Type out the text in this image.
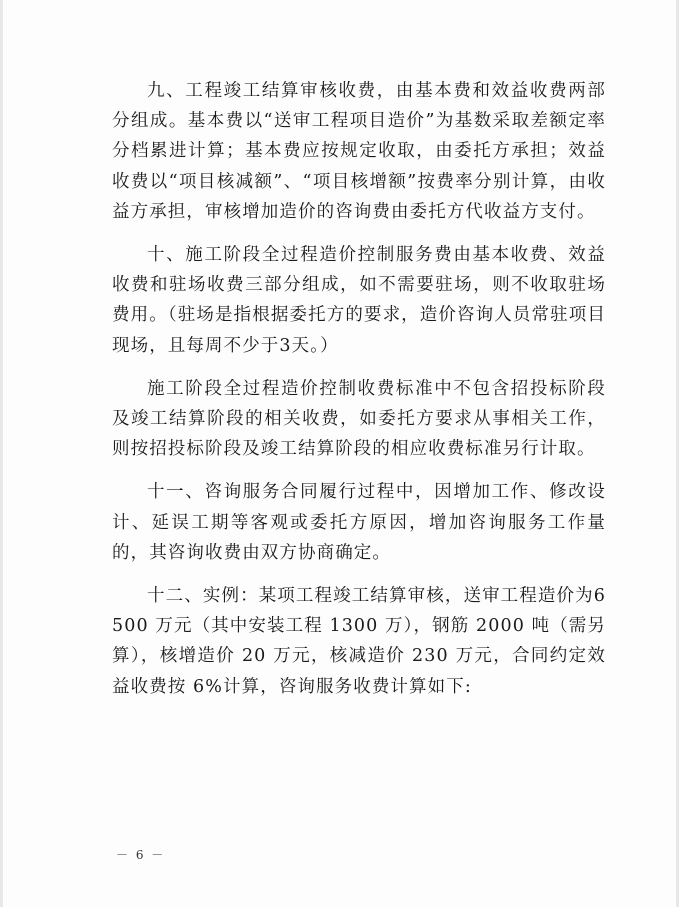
九、工程竣工结算审核收费，由基本费和效益收费两部分组成。基本费以“送审工程项目造价”为基数采取差额定率分档累进计算；基本费应按规定收取，由委托方承担；效益收费以“项目核减额”、“项目核增额”按费率分别计算，由收益方承担，审核增加造价的咨询费由委托方代收益方支付。

十、施工阶段全过程造价控制服务费由基本收费、效益收费和驻场收费三部分组成，如不需要驻场，则不收取驻场费用。（驻场是指根据委托方的要求，造价咨询人员常驻项目现场，且每周不少于3天。）

施工阶段全过程造价控制收费标准中不包含招投标阶段及竣工结算阶段的相关收费，如委托方要求从事相关工作，则按招投标阶段及竣工结算阶段的相应收费标准另行计取。

十一、咨询服务合同履行过程中，因增加工作、修改设计、延误工期等客观或委托方原因，增加咨询服务工作量的，其咨询收费由双方协商确定。

十二、实例：某项工程竣工结算审核，送审工程造价为6500 万元（其中安装工程 1300 万），钢筋 2000 吨（需另算），核增造价 20 万元，核减造价 230 万元，合同约定效益收费按 6%计算，咨询服务收费计算如下:

－ 6 －
